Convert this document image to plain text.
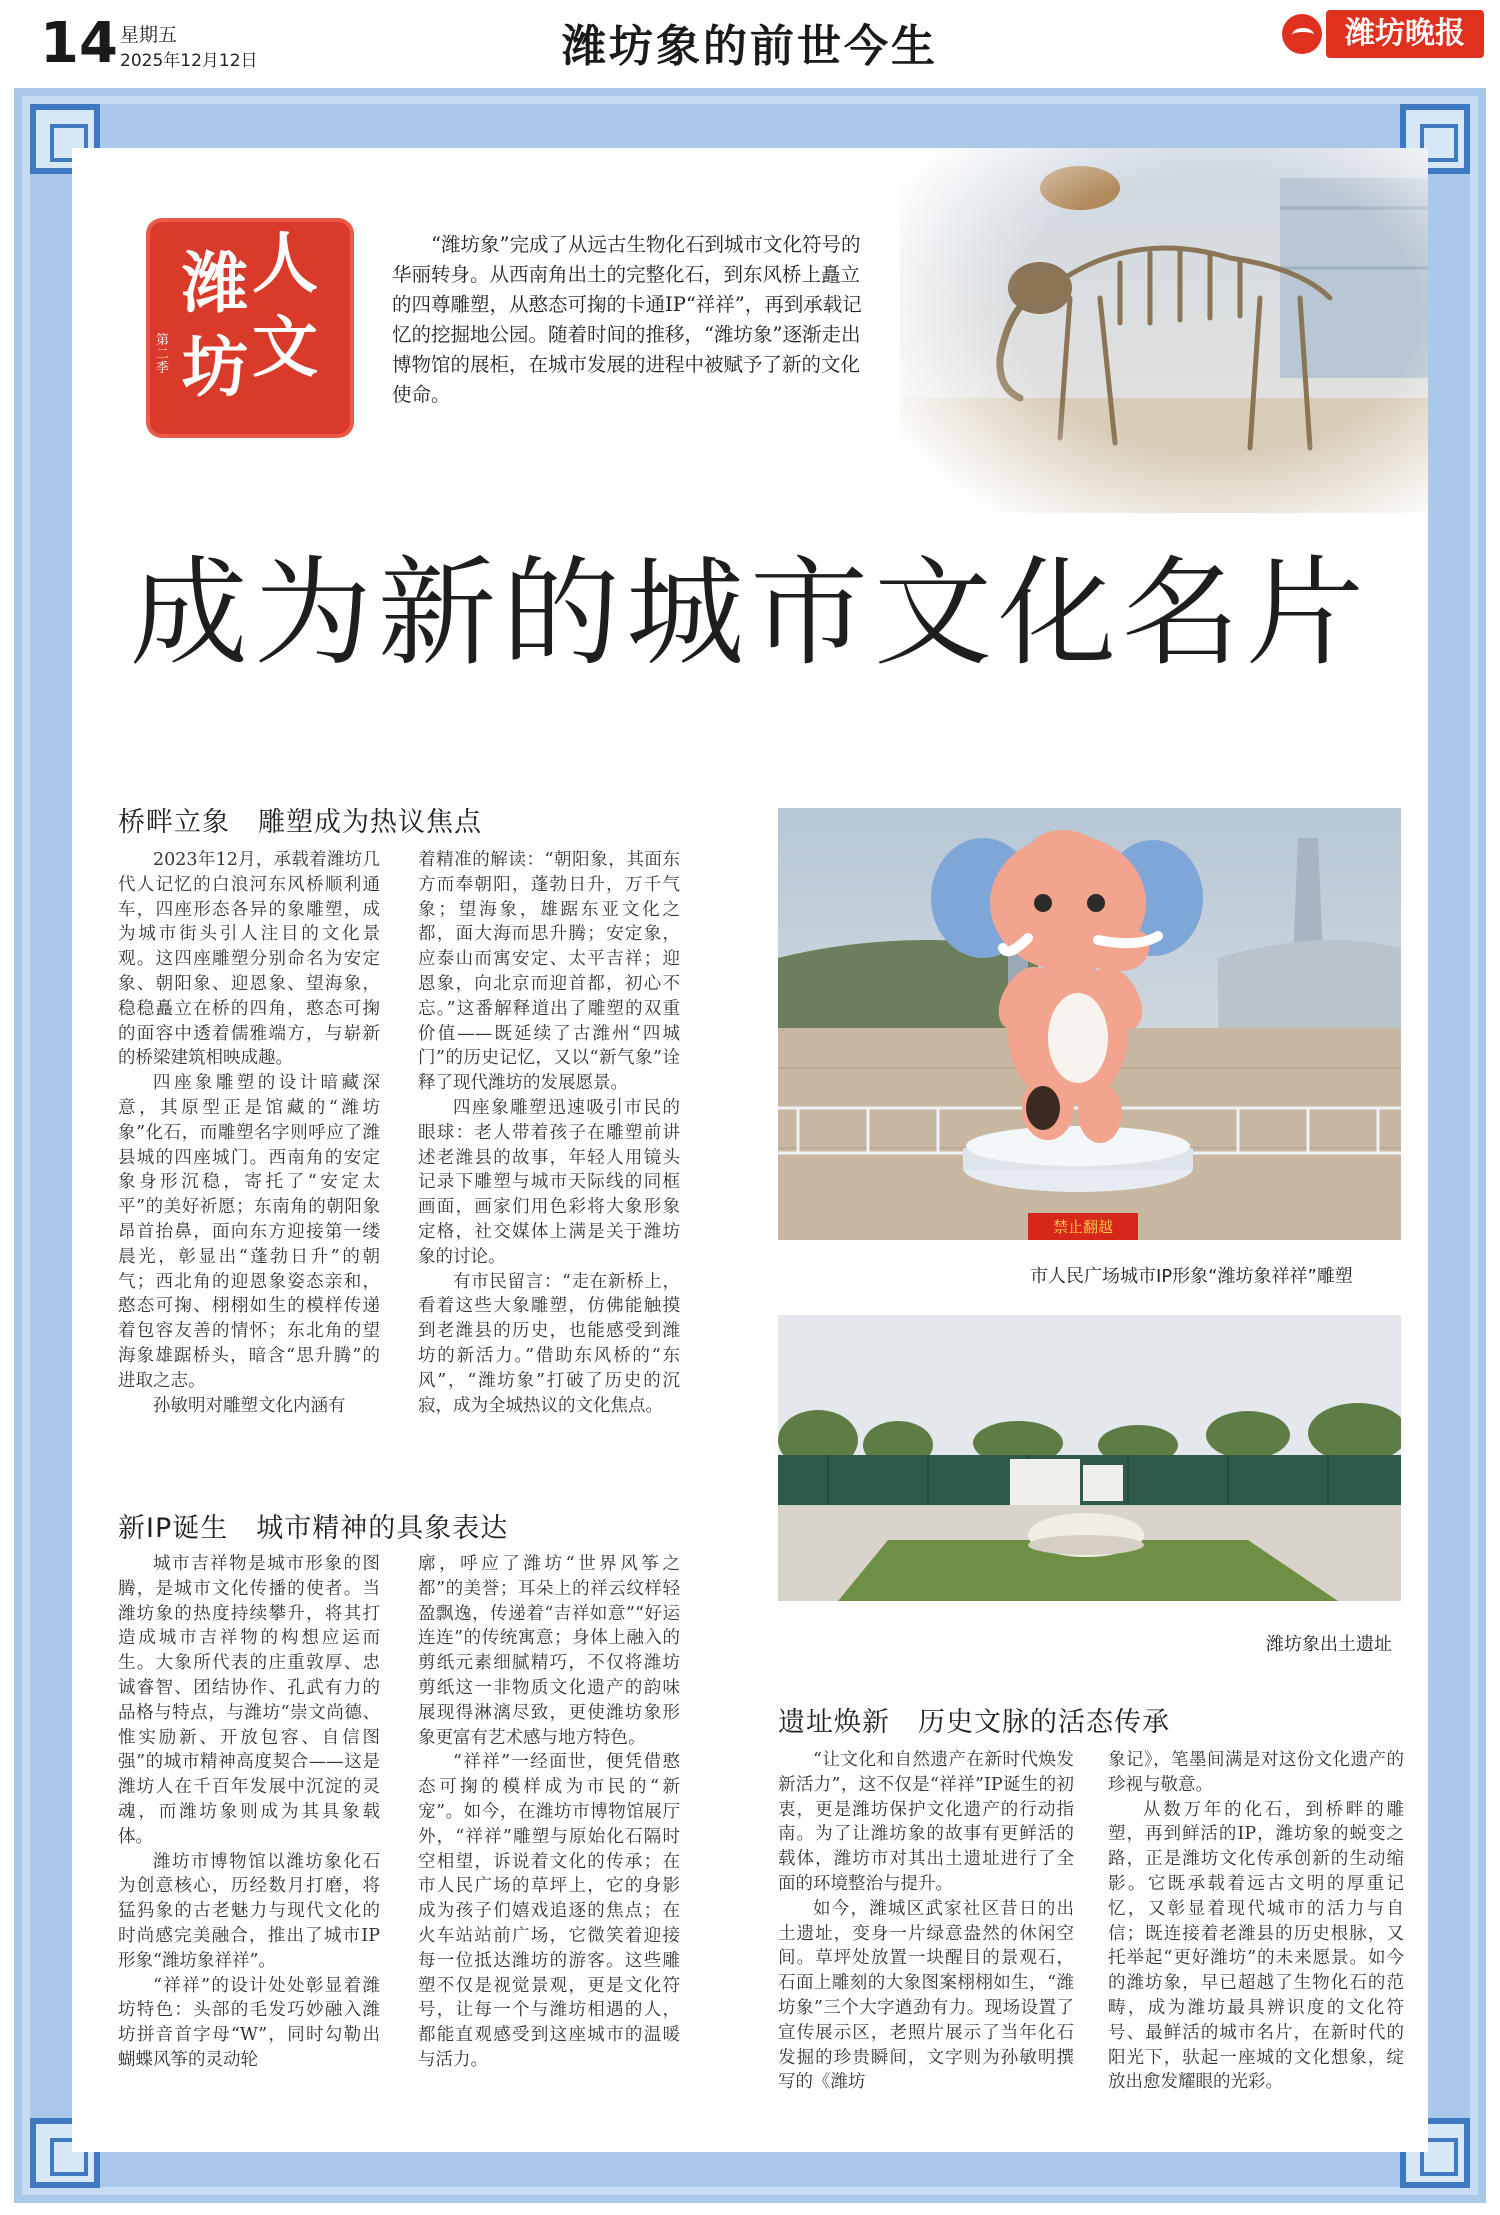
14 星期五
2025年12月12日	潍坊象的前世今生	潍坊晚报
潍 人
坊 文
第二季
“潍坊象”完成了从远古生物化石到城市文化符号的华丽转身。从西南角出土的完整化石，到东风桥上矗立的四尊雕塑，从憨态可掬的卡通IP“祥祥”，再到承载记忆的挖掘地公园。随着时间的推移，“潍坊象”逐渐走出博物馆的展柜，在城市发展的进程中被赋予了新的文化使命。
成为新的城市文化名片
桥畔立象　雕塑成为热议焦点

2023年12月，承载着潍坊几代人记忆的白浪河东风桥顺利通车，四座形态各异的象雕塑，成为城市街头引人注目的文化景观。这四座雕塑分别命名为安定象、朝阳象、迎恩象、望海象，稳稳矗立在桥的四角，憨态可掬的面容中透着儒雅端方，与崭新的桥梁建筑相映成趣。

四座象雕塑的设计暗藏深意，其原型正是馆藏的“潍坊象”化石，而雕塑名字则呼应了潍县城的四座城门。西南角的安定象身形沉稳，寄托了“安定太平”的美好祈愿；东南角的朝阳象昂首抬鼻，面向东方迎接第一缕晨光，彰显出“蓬勃日升”的朝气；西北角的迎恩象姿态亲和，憨态可掬、栩栩如生的模样传递着包容友善的情怀；东北角的望海象雄踞桥头，暗含“思升腾”的进取之志。

孙敏明对雕塑文化内涵有

着精准的解读：“朝阳象，其面东方而奉朝阳，蓬勃日升，万千气象；望海象，雄踞东亚文化之都，面大海而思升腾；安定象，应泰山而寓安定、太平吉祥；迎恩象，向北京而迎首都，初心不忘。”这番解释道出了雕塑的双重价值——既延续了古潍州“四城门”的历史记忆，又以“新气象”诠释了现代潍坊的发展愿景。

四座象雕塑迅速吸引市民的眼球：老人带着孩子在雕塑前讲述老潍县的故事，年轻人用镜头记录下雕塑与城市天际线的同框画面，画家们用色彩将大象形象定格，社交媒体上满是关于潍坊象的讨论。

有市民留言：“走在新桥上，看着这些大象雕塑，仿佛能触摸到老潍县的历史，也能感受到潍坊的新活力。”借助东风桥的“东风”，“潍坊象”打破了历史的沉寂，成为全城热议的文化焦点。

新IP诞生　城市精神的具象表达

城市吉祥物是城市形象的图腾，是城市文化传播的使者。当潍坊象的热度持续攀升，将其打造成城市吉祥物的构想应运而生。大象所代表的庄重敦厚、忠诚睿智、团结协作、孔武有力的品格与特点，与潍坊“崇文尚德、惟实励新、开放包容、自信图强”的城市精神高度契合——这是潍坊人在千百年发展中沉淀的灵魂，而潍坊象则成为其具象载体。

潍坊市博物馆以潍坊象化石为创意核心，历经数月打磨，将猛犸象的古老魅力与现代文化的时尚感完美融合，推出了城市IP形象“潍坊象祥祥”。

“祥祥”的设计处处彰显着潍坊特色：头部的毛发巧妙融入潍坊拼音首字母“W”，同时勾勒出蝴蝶风筝的灵动轮

廓，呼应了潍坊“世界风筝之都”的美誉；耳朵上的祥云纹样轻盈飘逸，传递着“吉祥如意”“好运连连”的传统寓意；身体上融入的剪纸元素细腻精巧，不仅将潍坊剪纸这一非物质文化遗产的韵味展现得淋漓尽致，更使潍坊象形象更富有艺术感与地方特色。

“祥祥”一经面世，便凭借憨态可掬的模样成为市民的“新宠”。如今，在潍坊市博物馆展厅外，“祥祥”雕塑与原始化石隔时空相望，诉说着文化的传承；在市人民广场的草坪上，它的身影成为孩子们嬉戏追逐的焦点；在火车站站前广场，它微笑着迎接每一位抵达潍坊的游客。这些雕塑不仅是视觉景观，更是文化符号，让每一个与潍坊相遇的人，都能直观感受到这座城市的温暖与活力。

禁止翻越
市人民广场城市IP形象“潍坊象祥祥”雕塑
潍坊象出土遗址
遗址焕新　历史文脉的活态传承

“让文化和自然遗产在新时代焕发新活力”，这不仅是“祥祥”IP诞生的初衷，更是潍坊保护文化遗产的行动指南。为了让潍坊象的故事有更鲜活的载体，潍坊市对其出土遗址进行了全面的环境整治与提升。

如今，潍城区武家社区昔日的出土遗址，变身一片绿意盎然的休闲空间。草坪处放置一块醒目的景观石，石面上雕刻的大象图案栩栩如生，“潍坊象”三个大字遒劲有力。现场设置了宣传展示区，老照片展示了当年化石发掘的珍贵瞬间，文字则为孙敏明撰写的《潍坊

象记》，笔墨间满是对这份文化遗产的珍视与敬意。

从数万年的化石，到桥畔的雕塑，再到鲜活的IP，潍坊象的蜕变之路，正是潍坊文化传承创新的生动缩影。它既承载着远古文明的厚重记忆，又彰显着现代城市的活力与自信；既连接着老潍县的历史根脉，又托举起“更好潍坊”的未来愿景。如今的潍坊象，早已超越了生物化石的范畴，成为潍坊最具辨识度的文化符号、最鲜活的城市名片，在新时代的阳光下，驮起一座城的文化想象，绽放出愈发耀眼的光彩。
